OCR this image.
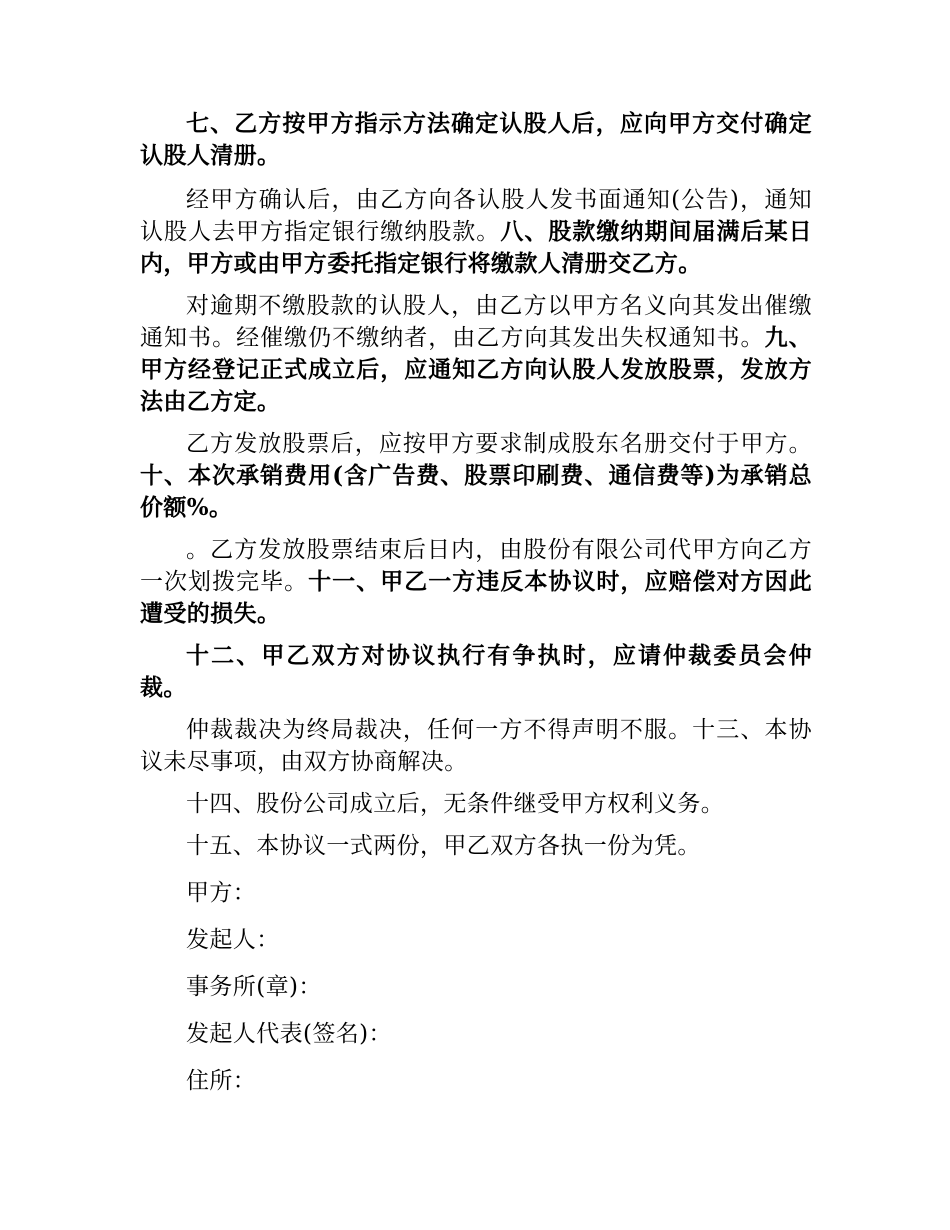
七、乙方按甲方指示方法确定认股人后，应向甲方交付确定认股人清册。

经甲方确认后，由乙方向各认股人发书面通知(公告)，通知认股人去甲方指定银行缴纳股款。八、股款缴纳期间届满后某日内，甲方或由甲方委托指定银行将缴款人清册交乙方。

对逾期不缴股款的认股人，由乙方以甲方名义向其发出催缴通知书。经催缴仍不缴纳者，由乙方向其发出失权通知书。九、甲方经登记正式成立后，应通知乙方向认股人发放股票，发放方法由乙方定。

乙方发放股票后，应按甲方要求制成股东名册交付于甲方。十、本次承销费用(含广告费、股票印刷费、通信费等)为承销总价额%。

。乙方发放股票结束后日内，由股份有限公司代甲方向乙方一次划拨完毕。十一、甲乙一方违反本协议时，应赔偿对方因此遭受的损失。

十二、甲乙双方对协议执行有争执时，应请仲裁委员会仲裁。

仲裁裁决为终局裁决，任何一方不得声明不服。十三、本协议未尽事项，由双方协商解决。

十四、股份公司成立后，无条件继受甲方权利义务。

十五、本协议一式两份，甲乙双方各执一份为凭。

甲方：

发起人：

事务所(章)：

发起人代表(签名)：

住所：
